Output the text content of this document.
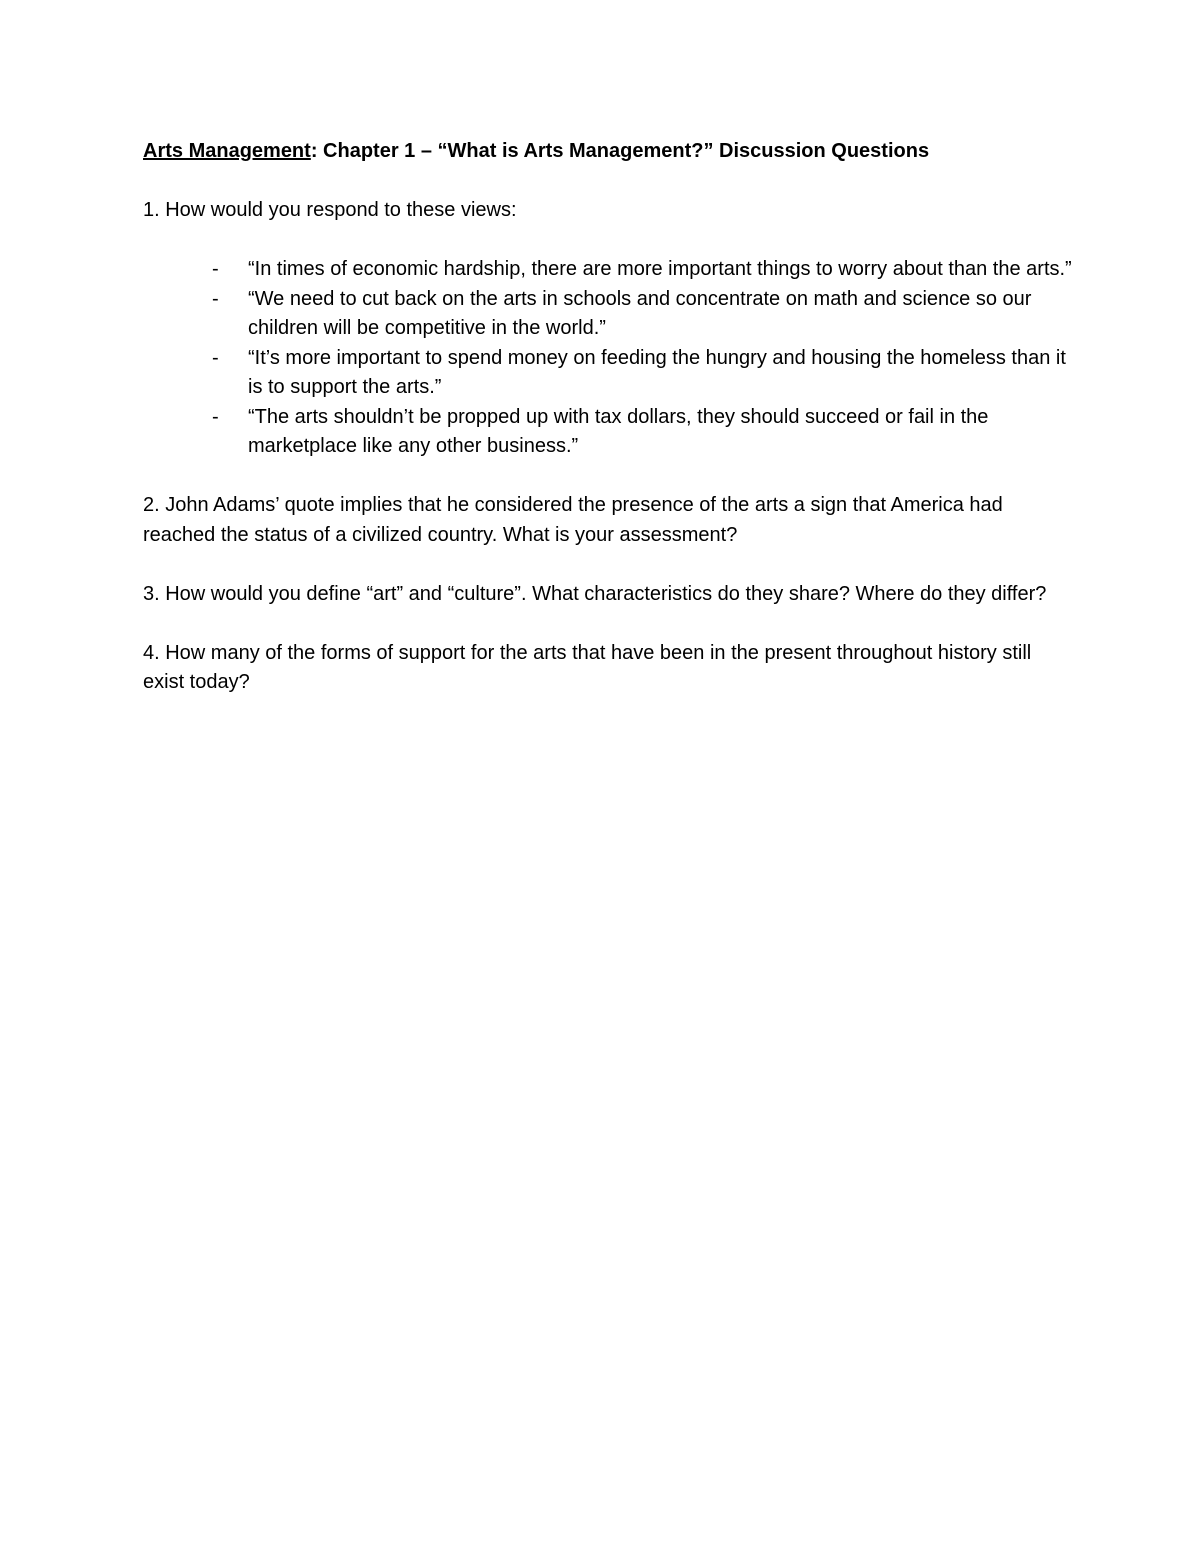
Arts Management: Chapter 1 – “What is Arts Management?” Discussion Questions

1. How would you respond to these views:

- “In times of economic hardship, there are more important things to worry about than the arts.”
- “We need to cut back on the arts in schools and concentrate on math and science so our children will be competitive in the world.”
- “It’s more important to spend money on feeding the hungry and housing the homeless than it is to support the arts.”
- “The arts shouldn’t be propped up with tax dollars, they should succeed or fail in the marketplace like any other business.”

2. John Adams’ quote implies that he considered the presence of the arts a sign that America had reached the status of a civilized country. What is your assessment?

3. How would you define “art” and “culture”. What characteristics do they share? Where do they differ?

4. How many of the forms of support for the arts that have been in the present throughout history still exist today?
